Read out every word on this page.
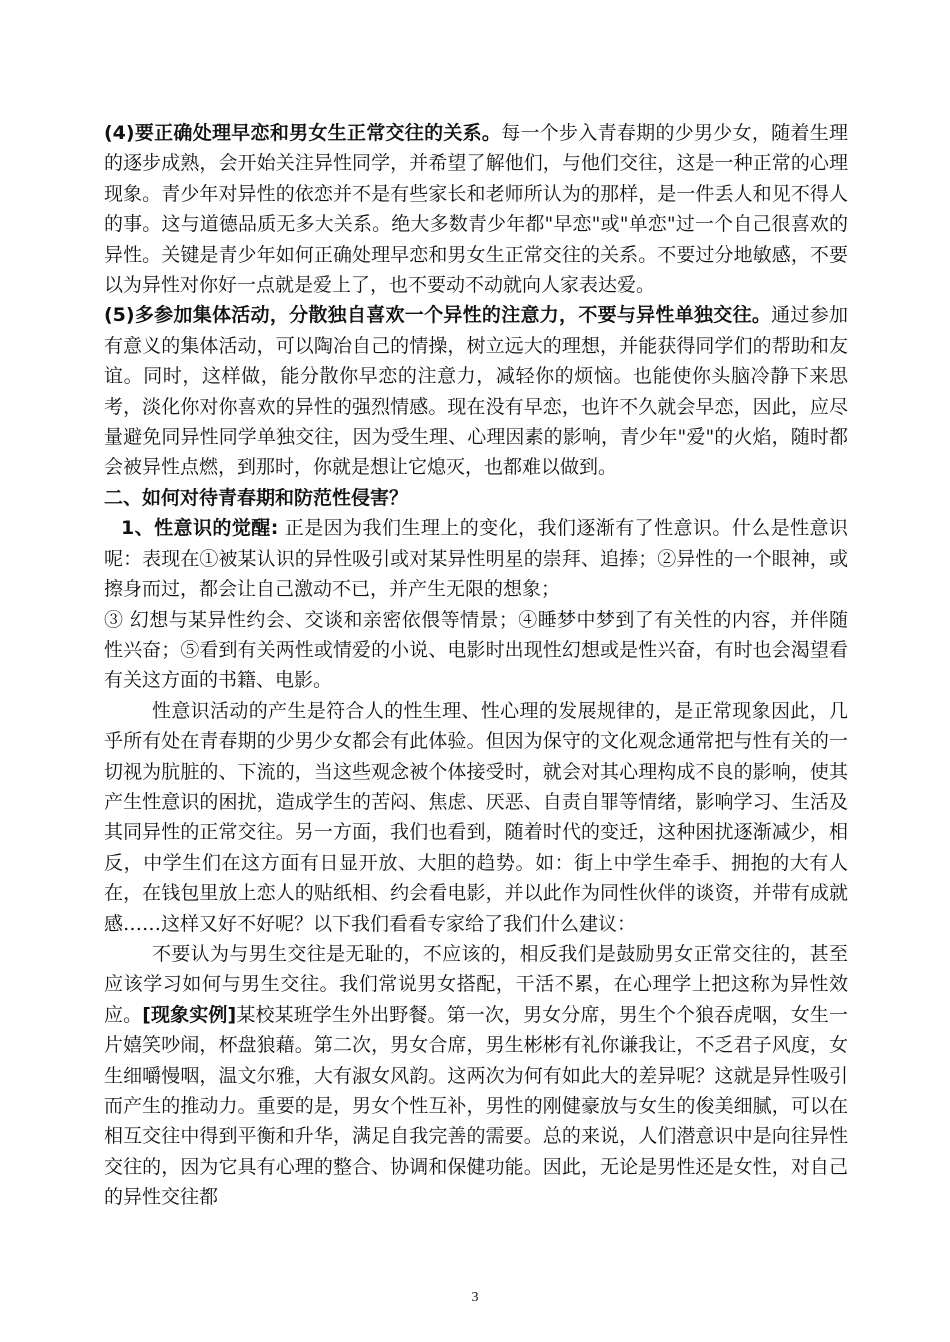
(4)要正确处理早恋和男女生正常交往的关系。每一个步入青春期的少男少女，随着生理的逐步成熟，会开始关注异性同学，并希望了解他们，与他们交往，这是一种正常的心理现象。青少年对异性的依恋并不是有些家长和老师所认为的那样，是一件丢人和见不得人的事。这与道德品质无多大关系。绝大多数青少年都"早恋"或"单恋"过一个自己很喜欢的异性。关键是青少年如何正确处理早恋和男女生正常交往的关系。不要过分地敏感，不要以为异性对你好一点就是爱上了，也不要动不动就向人家表达爱。

(5)多参加集体活动，分散独自喜欢一个异性的注意力，不要与异性单独交往。通过参加有意义的集体活动，可以陶冶自己的情操，树立远大的理想，并能获得同学们的帮助和友谊。同时，这样做，能分散你早恋的注意力，减轻你的烦恼。也能使你头脑冷静下来思考，淡化你对你喜欢的异性的强烈情感。现在没有早恋，也许不久就会早恋，因此，应尽量避免同异性同学单独交往，因为受生理、心理因素的影响，青少年"爱"的火焰，随时都会被异性点燃，到那时，你就是想让它熄灭，也都难以做到。

二、如何对待青春期和防范性侵害？

1、性意识的觉醒: 正是因为我们生理上的变化，我们逐渐有了性意识。什么是性意识呢：表现在①被某认识的异性吸引或对某异性明星的崇拜、追捧；②异性的一个眼神，或擦身而过，都会让自己激动不已，并产生无限的想象；

③ 幻想与某异性约会、交谈和亲密依偎等情景；④睡梦中梦到了有关性的内容，并伴随性兴奋；⑤看到有关两性或情爱的小说、电影时出现性幻想或是性兴奋，有时也会渴望看有关这方面的书籍、电影。

性意识活动的产生是符合人的性生理、性心理的发展规律的，是正常现象因此，几乎所有处在青春期的少男少女都会有此体验。但因为保守的文化观念通常把与性有关的一切视为肮脏的、下流的，当这些观念被个体接受时，就会对其心理构成不良的影响，使其产生性意识的困扰，造成学生的苦闷、焦虑、厌恶、自责自罪等情绪，影响学习、生活及其同异性的正常交往。另一方面，我们也看到，随着时代的变迁，这种困扰逐渐减少，相反，中学生们在这方面有日显开放、大胆的趋势。如：街上中学生牵手、拥抱的大有人在，在钱包里放上恋人的贴纸相、约会看电影，并以此作为同性伙伴的谈资，并带有成就感……这样又好不好呢？以下我们看看专家给了我们什么建议：

不要认为与男生交往是无耻的，不应该的，相反我们是鼓励男女正常交往的，甚至应该学习如何与男生交往。我们常说男女搭配，干活不累，在心理学上把这称为异性效应。[现象实例]某校某班学生外出野餐。第一次，男女分席，男生个个狼吞虎咽，女生一片嬉笑吵闹，杯盘狼藉。第二次，男女合席，男生彬彬有礼你谦我让，不乏君子风度，女生细嚼慢咽，温文尔雅，大有淑女风韵。这两次为何有如此大的差异呢？这就是异性吸引而产生的推动力。重要的是，男女个性互补，男性的刚健豪放与女生的俊美细腻，可以在相互交往中得到平衡和升华，满足自我完善的需要。总的来说，人们潜意识中是向往异性交往的，因为它具有心理的整合、协调和保健功能。因此，无论是男性还是女性，对自己的异性交往都

3
